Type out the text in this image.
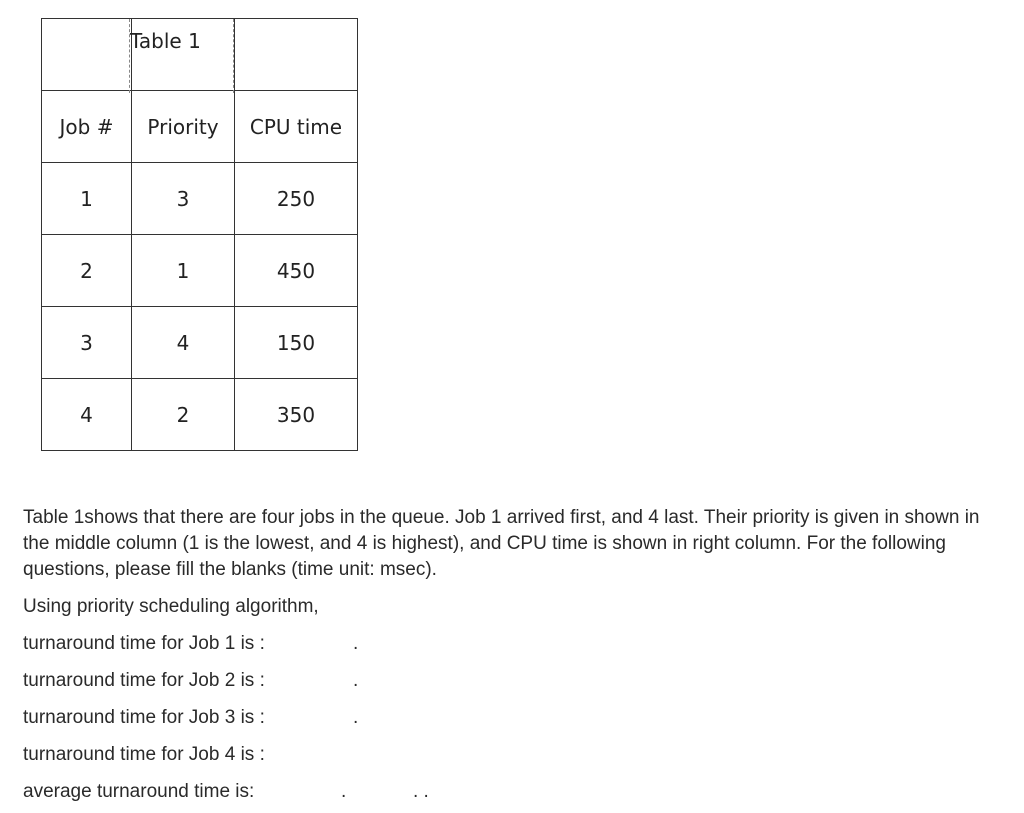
Table 1	

Job #	Priority	CPU time
1	3	250
2	1	450
3	4	150
4	2	350

Table 1shows that there are four jobs in the queue. Job 1 arrived first, and 4 last. Their priority is given in shown in the middle column (1 is the lowest, and 4 is highest), and CPU time is shown in right column. For the following questions, please fill the blanks (time unit: msec).

Using priority scheduling algorithm,
turnaround time for Job 1 is :	.
turnaround time for Job 2 is :	.
turnaround time for Job 3 is :	.
turnaround time for Job 4 is :
average turnaround time is:	.	. .
